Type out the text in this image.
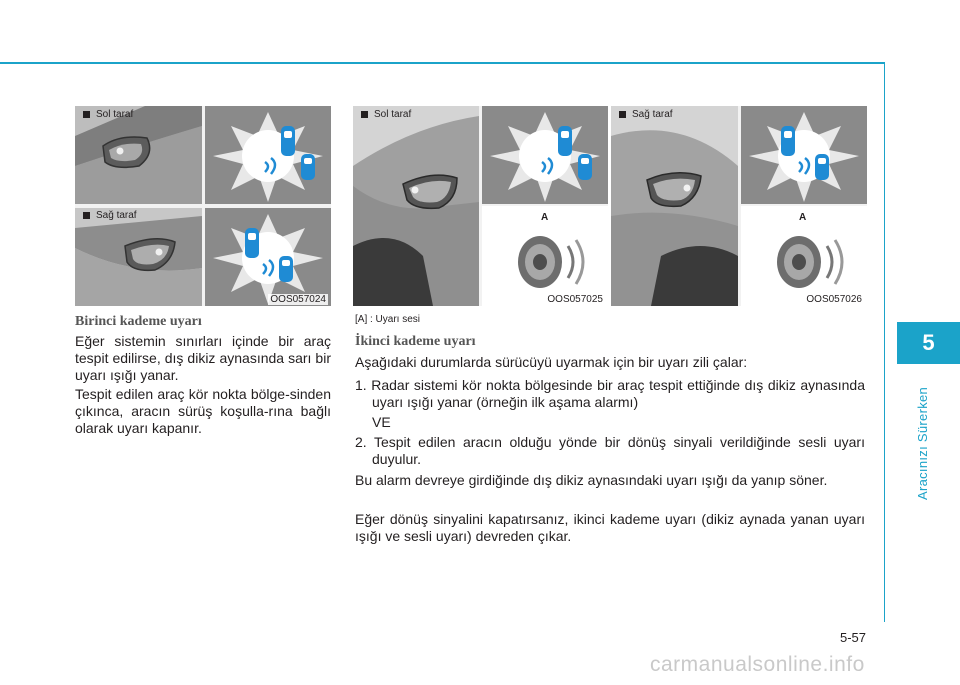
5
Aracınızı Sürerken
Sol taraf
Sağ taraf
OOS057024
A
Sol taraf
OOS057025
A
Sağ taraf
OOS057026
Birinci kademe uyarı
Eğer sistemin sınırları içinde bir araç tespit edilirse, dış dikiz aynasında sarı bir uyarı ışığı yanar.
Tespit edilen araç kör nokta bölge-sinden çıkınca, aracın sürüş koşulla-rına bağlı olarak uyarı kapanır.
[A] : Uyarı sesi
İkinci kademe uyarı
Aşağıdaki durumlarda sürücüyü uyarmak için bir uyarı zili çalar:
1. Radar sistemi kör nokta bölgesinde bir araç tespit ettiğinde dış dikiz aynasında uyarı ışığı yanar (örneğin ilk aşama alarmı)
VE
2. Tespit edilen aracın olduğu yönde bir dönüş sinyali verildiğinde sesli uyarı duyulur.
Bu alarm devreye girdiğinde dış dikiz aynasındaki uyarı ışığı da yanıp söner.
Eğer dönüş sinyalini kapatırsanız, ikinci kademe uyarı (dikiz aynada yanan uyarı ışığı ve sesli uyarı) devreden çıkar.
5-57
carmanualsonline.info
